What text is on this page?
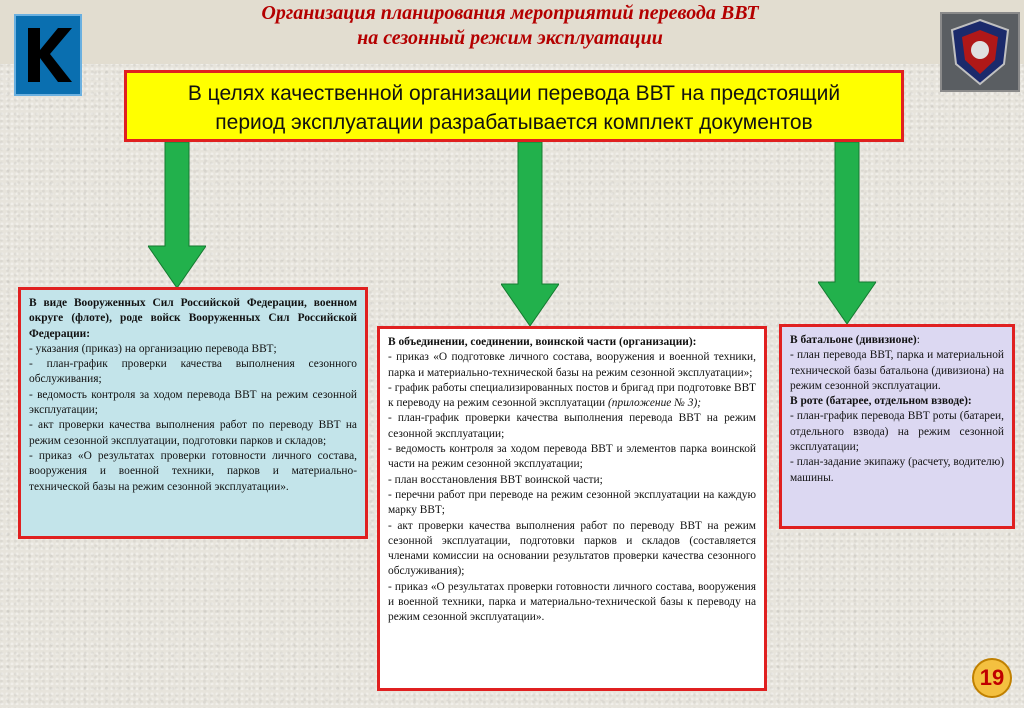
Организация планирования мероприятий перевода ВВТ
на сезонный режим эксплуатации
В целях качественной организации перевода ВВТ на предстоящий
период эксплуатации разрабатывается комплект документов

В виде Вооруженных Сил Российской Федерации, военном округе (флоте), роде войск Вооруженных Сил Российской Федерации:

- указания (приказ) на организацию перевода ВВТ;

- план-график проверки качества выполнения сезонного обслуживания;

- ведомость контроля за ходом перевода ВВТ на режим сезонной эксплуатации;

- акт проверки качества выполнения работ по переводу ВВТ на режим сезонной эксплуатации, подготовки парков и складов;

- приказ «О результатах проверки готовности личного состава, вооружения и военной техники, парков и материально-технической базы на режим сезонной эксплуатации».

В объединении, соединении, воинской части (организации):

- приказ «О подготовке личного состава, вооружения и военной техники, парка и материально-технической базы на режим сезонной эксплуатации»;

- график работы специализированных постов и бригад при подготовке ВВТ к переводу на режим сезонной эксплуатации (приложение № 3);

- план-график проверки качества выполнения перевода ВВТ на режим сезонной эксплуатации;

- ведомость контроля за ходом перевода ВВТ и элементов парка воинской части на режим сезонной эксплуатации;

- план восстановления ВВТ воинской части;

- перечни работ при переводе на режим сезонной эксплуатации на каждую марку ВВТ;

- акт проверки качества выполнения работ по переводу ВВТ на режим сезонной эксплуатации, подготовки парков и складов (составляется членами комиссии на основании результатов проверки качества сезонного обслуживания);

- приказ «О результатах проверки готовности личного состава, вооружения и военной техники, парка и материально-технической базы к переводу на режим сезонной эксплуатации».

В батальоне (дивизионе):

- план перевода ВВТ, парка и материальной технической базы батальона (дивизиона) на режим сезонной эксплуатации.

В роте (батарее, отдельном взводе):

- план-график перевода ВВТ роты (батареи, отдельного взвода) на режим сезонной эксплуатации;

- план-задание экипажу (расчету, водителю) машины.

19
